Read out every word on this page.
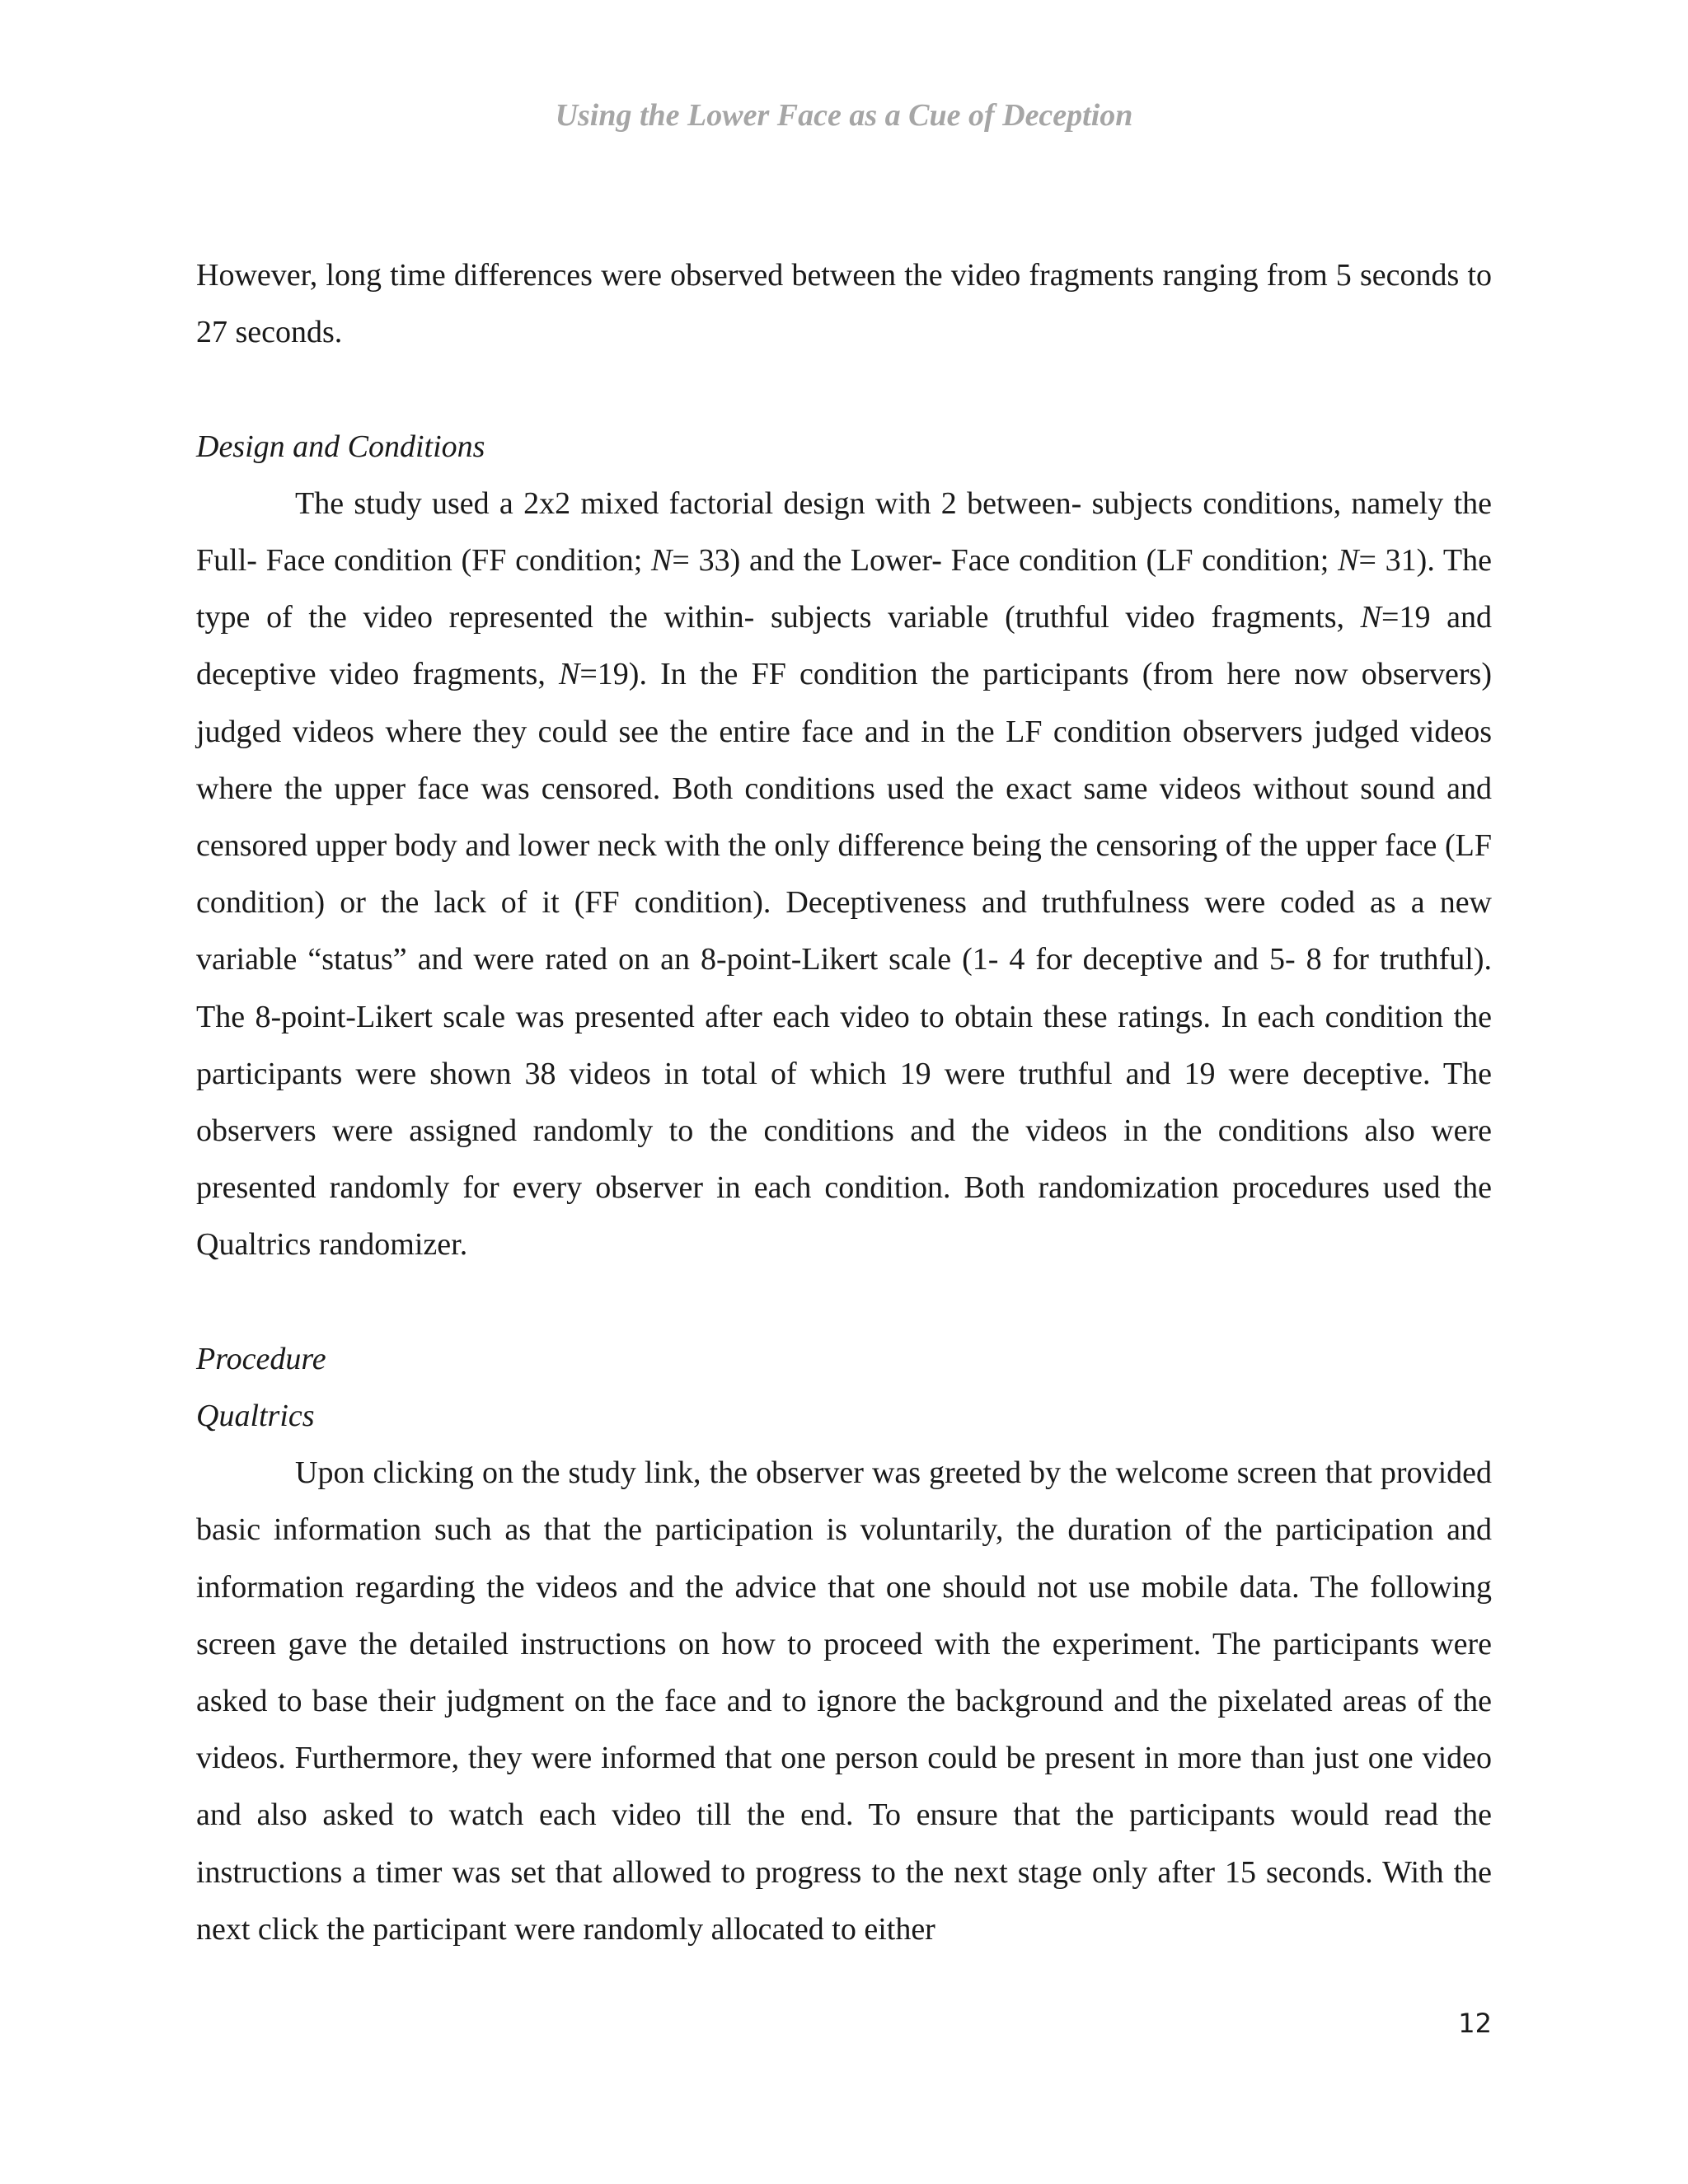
Using the Lower Face as a Cue of Deception

However, long time differences were observed between the video fragments ranging from 5 seconds to 27 seconds.

Design and Conditions

The study used a 2x2 mixed factorial design with 2 between- subjects conditions, namely the Full- Face condition (FF condition; N= 33) and the Lower- Face condition (LF condition; N= 31). The type of the video represented the within- subjects variable (truthful video fragments, N=19 and deceptive video fragments, N=19). In the FF condition the participants (from here now observers) judged videos where they could see the entire face and in the LF condition observers judged videos where the upper face was censored. Both conditions used the exact same videos without sound and censored upper body and lower neck with the only difference being the censoring of the upper face (LF condition) or the lack of it (FF condition). Deceptiveness and truthfulness were coded as a new variable “status” and were rated on an 8-point-Likert scale (1- 4 for deceptive and 5- 8 for truthful). The 8-point-Likert scale was presented after each video to obtain these ratings. In each condition the participants were shown 38 videos in total of which 19 were truthful and 19 were deceptive. The observers were assigned randomly to the conditions and the videos in the conditions also were presented randomly for every observer in each condition. Both randomization procedures used the Qualtrics randomizer.

Procedure
Qualtrics

Upon clicking on the study link, the observer was greeted by the welcome screen that provided basic information such as that the participation is voluntarily, the duration of the participation and information regarding the videos and the advice that one should not use mobile data. The following screen gave the detailed instructions on how to proceed with the experiment. The participants were asked to base their judgment on the face and to ignore the background and the pixelated areas of the videos. Furthermore, they were informed that one person could be present in more than just one video and also asked to watch each video till the end. To ensure that the participants would read the instructions a timer was set that allowed to progress to the next stage only after 15 seconds. With the next click the participant were randomly allocated to either

12
